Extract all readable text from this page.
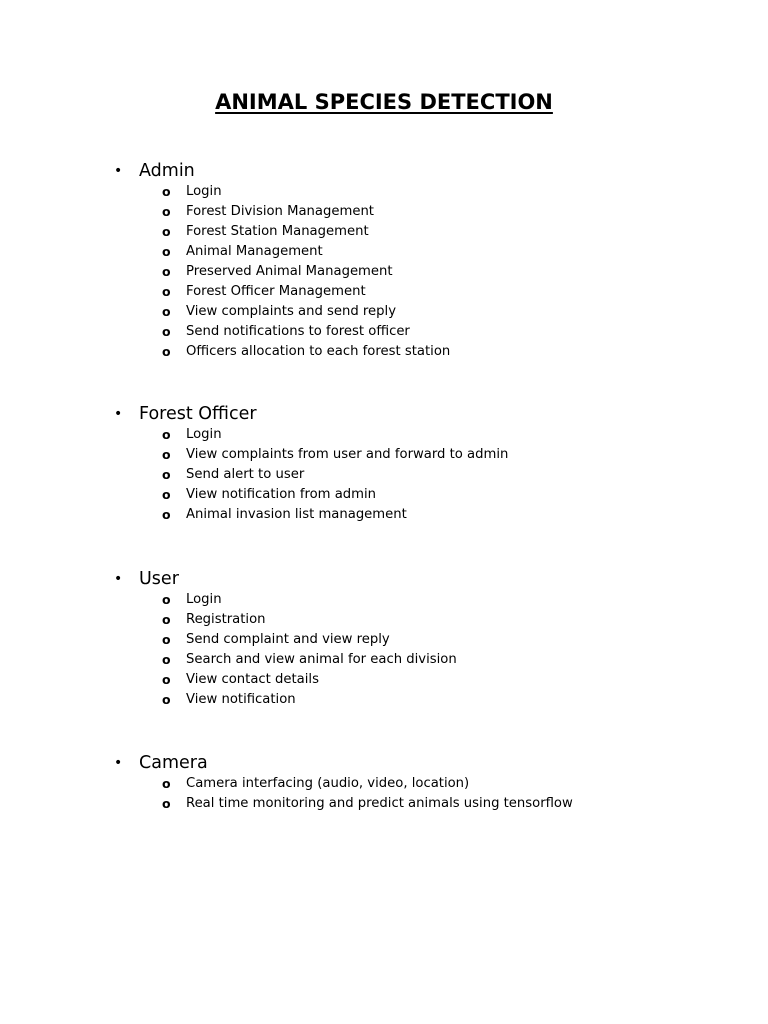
ANIMAL SPECIES DETECTION
• Admin
o Login
o Forest Division Management
o Forest Station Management
o Animal Management
o Preserved Animal Management
o Forest Officer Management
o View complaints and send reply
o Send notifications to forest officer
o Officers allocation to each forest station
• Forest Officer
o Login
o View complaints from user and forward to admin
o Send alert to user
o View notification from admin
o Animal invasion list management
• User
o Login
o Registration
o Send complaint and view reply
o Search and view animal for each division
o View contact details
o View notification
• Camera
o Camera interfacing (audio, video, location)
o Real time monitoring and predict animals using tensorflow
